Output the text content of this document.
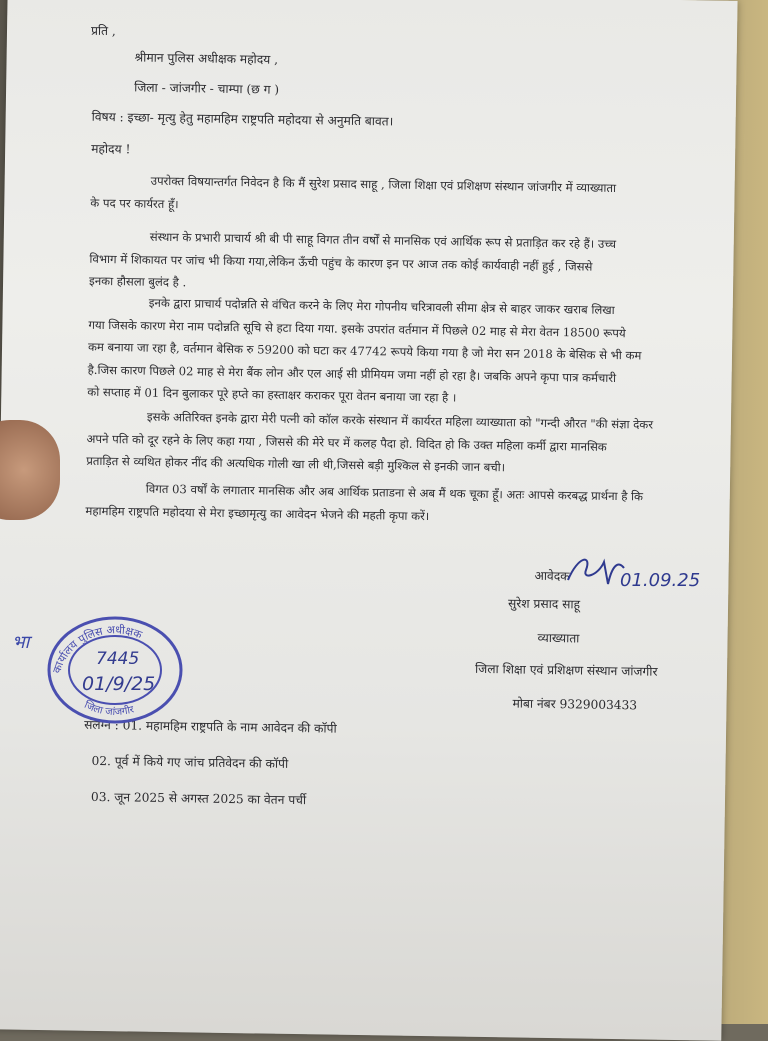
प्रति ,
श्रीमान पुलिस अधीक्षक महोदय ,
जिला - जांजगीर - चाम्पा (छ ग )
विषय : इच्छा- मृत्यु हेतु महामहिम राष्ट्रपति महोदया से अनुमति बावत।
महोदय !
उपरोक्त विषयान्तर्गत निवेदन है कि मैं सुरेश प्रसाद साहू , जिला शिक्षा एवं प्रशिक्षण संस्थान जांजगीर में व्याख्याता
के पद पर कार्यरत हूँ।
संस्थान के प्रभारी प्राचार्य श्री बी पी साहू विगत तीन वर्षों से मानसिक एवं आर्थिक रूप से प्रताड़ित कर रहे हैं। उच्च
विभाग में शिकायत पर जांच भी किया गया,लेकिन ऊँची पहुंच के कारण इन पर आज तक कोई कार्यवाही नहीं हुई , जिससे
इनका हौसला बुलंद है .
इनके द्वारा प्राचार्य पदोन्नति से वंचित करने के लिए मेरा गोपनीय चरित्रावली सीमा क्षेत्र से बाहर जाकर खराब लिखा
गया जिसके कारण मेरा नाम पदोन्नति सूचि से हटा दिया गया. इसके उपरांत वर्तमान में पिछले 02 माह से मेरा वेतन 18500 रूपये
कम बनाया जा रहा है, वर्तमान बेसिक रु 59200 को घटा कर 47742 रूपये किया गया है जो मेरा सन 2018 के बेसिक से भी कम
है.जिस कारण पिछले 02 माह से मेरा बैंक लोन और एल आई सी प्रीमियम जमा नहीं हो रहा है। जबकि अपने कृपा पात्र कर्मचारी
को सप्ताह में 01 दिन बुलाकर पूरे हप्ते का हस्ताक्षर कराकर पूरा वेतन बनाया जा रहा है ।
इसके अतिरिक्त इनके द्वारा मेरी पत्नी को कॉल करके संस्थान में कार्यरत महिला व्याख्याता को "गन्दी औरत "की संज्ञा देकर
अपने पति को दूर रहने के लिए कहा गया , जिससे की मेरे घर में कलह पैदा हो. विदित हो कि उक्त महिला कर्मी द्वारा मानसिक
प्रताड़ित से व्यथित होकर नींद की अत्यधिक गोली खा ली थी,जिससे बड़ी मुश्किल से इनकी जान बची।
विगत 03 वर्षों के लगातार मानसिक और अब आर्थिक प्रताडना से अब मैं थक चूका हूँ। अतः आपसे करबद्ध प्रार्थना है कि
महामहिम राष्ट्रपति महोदया से मेरा इच्छामृत्यु का आवेदन भेजने की महती कृपा करें।
आवेदक
सुरेश प्रसाद साहू
व्याख्याता
जिला शिक्षा एवं प्रशिक्षण संस्थान जांजगीर
मोबा नंबर 9329003433
संलग्न : 01. महामहिम राष्ट्रपति के नाम आवेदन की कॉपी
02. पूर्व में किये गए जांच प्रतिवेदन की कॉपी
03. जून 2025 से अगस्त 2025 का वेतन पर्ची
01.09.25
भा
कार्यालय पुलिस अधीक्षक
जिला जांजगीर
7445
01/9/25
